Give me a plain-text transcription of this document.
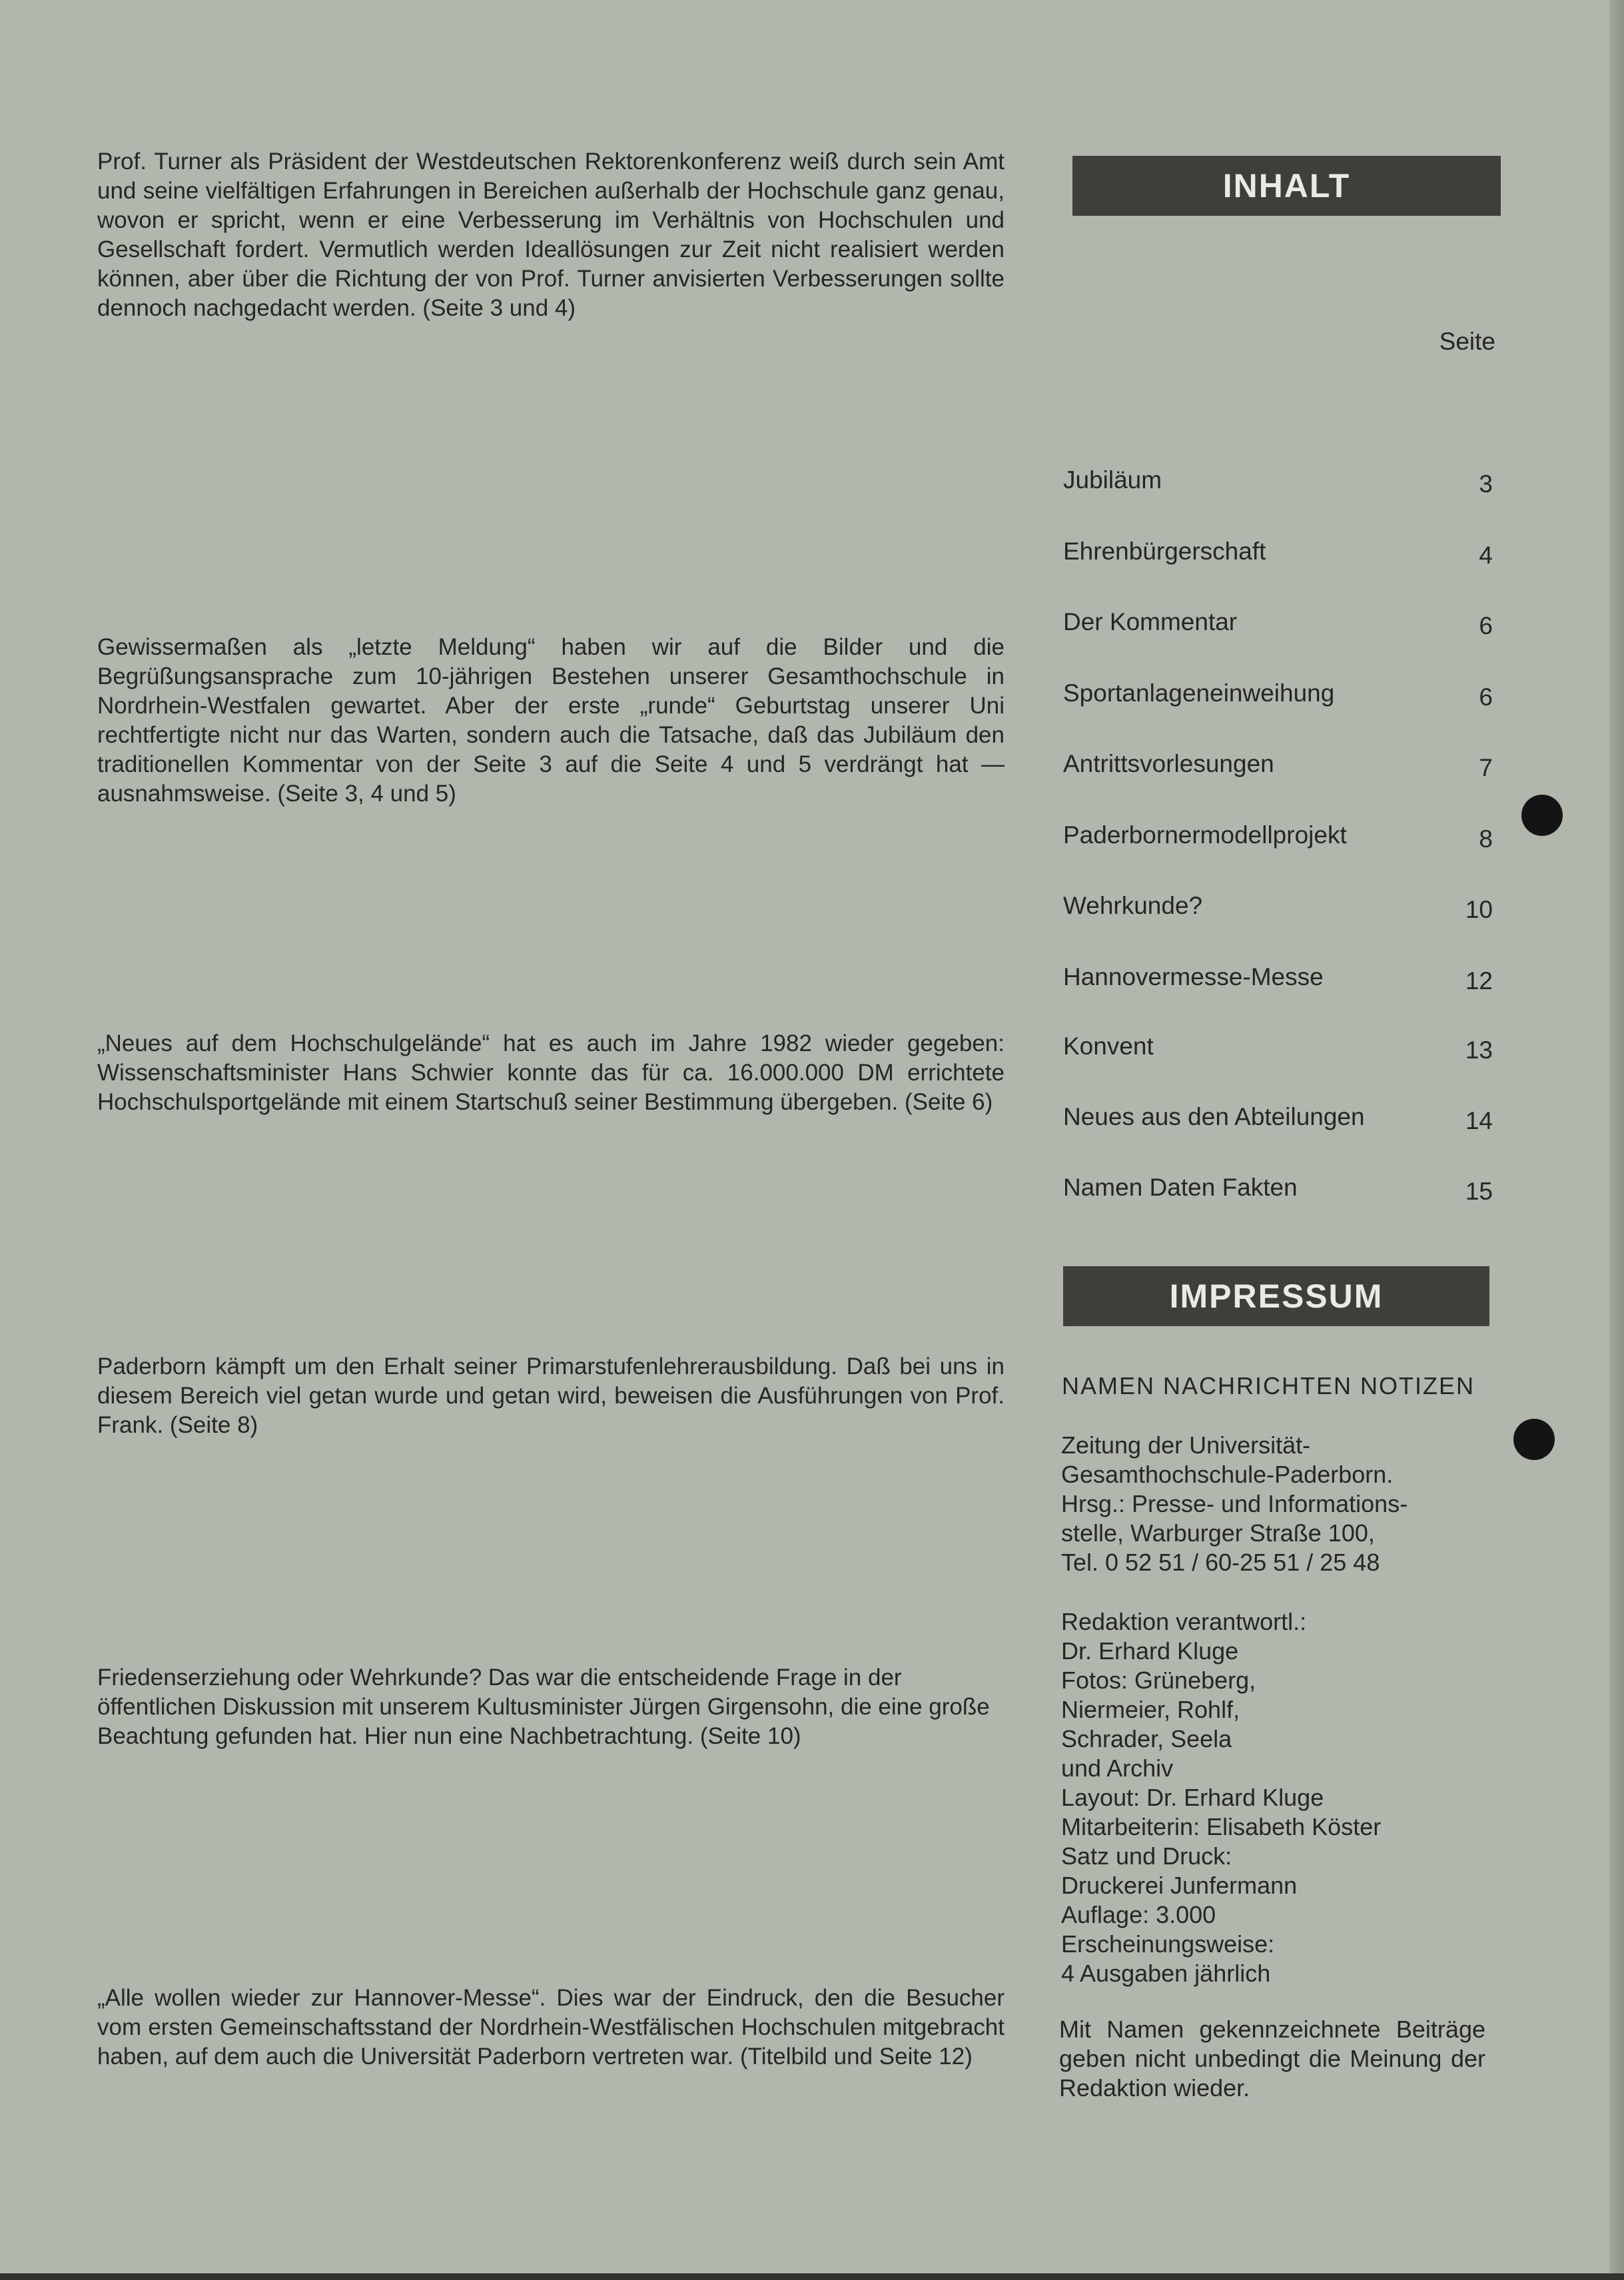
Prof. Turner als Präsident der Westdeutschen Rektorenkonferenz weiß durch sein Amt und seine vielfältigen Erfahrungen in Bereichen außerhalb der Hochschule ganz genau, wovon er spricht, wenn er eine Verbesserung im Verhältnis von Hochschulen und Gesellschaft fordert. Vermutlich werden Ideallösungen zur Zeit nicht realisiert werden können, aber über die Richtung der von Prof. Turner anvisierten Verbesserungen sollte dennoch nachgedacht werden. (Seite 3 und 4)

Gewissermaßen als „letzte Meldung“ haben wir auf die Bilder und die Begrüßungsansprache zum 10-jährigen Bestehen unserer Gesamthochschule in Nordrhein-Westfalen gewartet. Aber der erste „runde“ Geburtstag unserer Uni rechtfertigte nicht nur das Warten, sondern auch die Tatsache, daß das Jubiläum den traditionellen Kommentar von der Seite 3 auf die Seite 4 und 5 verdrängt hat — ausnahmsweise. (Seite 3, 4 und 5)

„Neues auf dem Hochschulgelände“ hat es auch im Jahre 1982 wieder gegeben: Wissenschaftsminister Hans Schwier konnte das für ca. 16.000.000 DM errichtete Hochschulsportgelände mit einem Startschuß seiner Bestimmung übergeben. (Seite 6)

Paderborn kämpft um den Erhalt seiner Primarstufenlehrerausbildung. Daß bei uns in diesem Bereich viel getan wurde und getan wird, beweisen die Ausführungen von Prof. Frank. (Seite 8)

Friedenserziehung oder Wehrkunde? Das war die entscheidende Frage in der öffentlichen Diskussion mit unserem Kultusminister Jürgen Girgensohn, die eine große Beachtung gefunden hat. Hier nun eine Nachbetrachtung. (Seite 10)

„Alle wollen wieder zur Hannover-Messe“. Dies war der Eindruck, den die Besucher vom ersten Gemeinschaftsstand der Nordrhein-Westfälischen Hochschulen mitgebracht haben, auf dem auch die Universität Paderborn vertreten war. (Titelbild und Seite 12)

INHALT
Seite
Jubiläum	3
Ehrenbürgerschaft	4
Der Kommentar	6
Sportanlageneinweihung	6
Antrittsvorlesungen	7
Paderbornermodellprojekt	8
Wehrkunde?	10
Hannovermesse-Messe	12
Konvent	13
Neues aus den Abteilungen	14
Namen Daten Fakten	15
IMPRESSUM
NAMEN NACHRICHTEN NOTIZEN
Zeitung der Universität-
Gesamthochschule-Paderborn.
Hrsg.: Presse- und Informations-
stelle, Warburger Straße 100,
Tel. 0 52 51 / 60-25 51 / 25 48
Redaktion verantwortl.:
Dr. Erhard Kluge
Fotos: Grüneberg,
Niermeier, Rohlf,
Schrader, Seela
und Archiv
Layout: Dr. Erhard Kluge
Mitarbeiterin: Elisabeth Köster
Satz und Druck:
Druckerei Junfermann
Auflage: 3.000
Erscheinungsweise:
4 Ausgaben jährlich

Mit Namen gekennzeichnete Beiträge geben nicht unbedingt die Meinung der Redaktion wieder.
